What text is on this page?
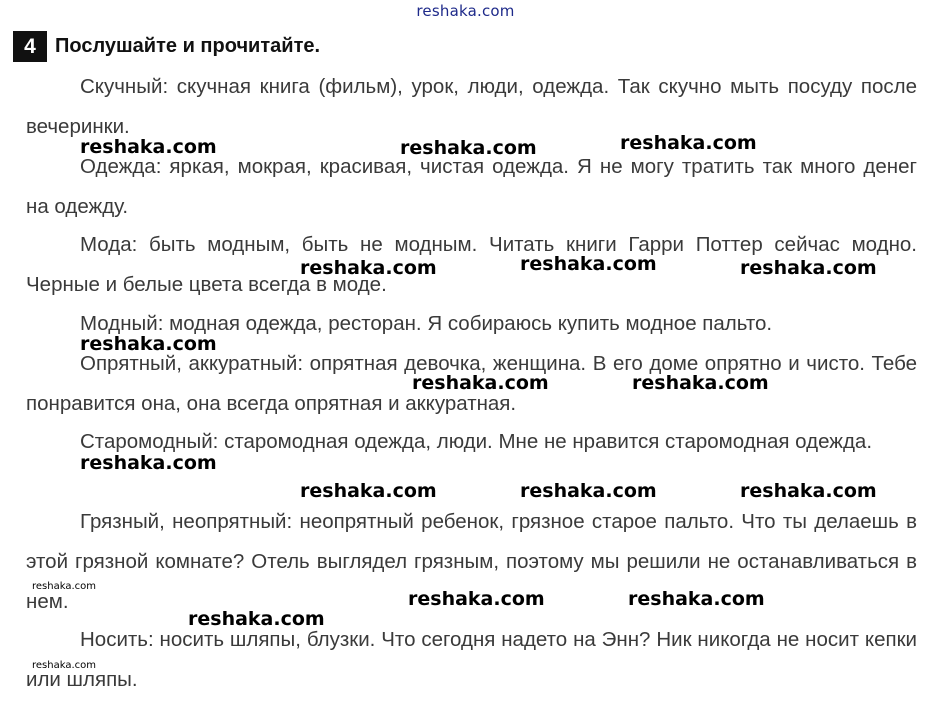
reshaka.com
4 Послушайте и прочитайте.

Скучный: скучная книга (фильм), урок, люди, одежда. Так скучно мыть посуду после вечеринки.

Одежда: яркая, мокрая, красивая, чистая одежда. Я не могу тратить так много денег на одежду.

Мода: быть модным, быть не модным. Читать книги Гарри Поттер сейчас модно. Черные и белые цвета всегда в моде.

Модный: модная одежда, ресторан. Я собираюсь купить модное пальто.

Опрятный, аккуратный: опрятная девочка, женщина. В его доме опрятно и чисто. Тебе понравится она, она всегда опрятная и аккуратная.

Старомодный: старомодная одежда, люди. Мне не нравится старомодная одежда.

Грязный, неопрятный: неопрятный ребенок, грязное старое пальто. Что ты делаешь в этой грязной комнате? Отель выглядел грязным, поэтому мы решили не останавливаться в нем.

Носить: носить шляпы, блузки. Что сегодня надето на Энн? Ник никогда не носит кепки или шляпы.

reshaka.com	reshaka.com	reshaka.com
reshaka.com	reshaka.com	reshaka.com
reshaka.com
reshaka.com	reshaka.com
reshaka.com
reshaka.com	reshaka.com	reshaka.com
reshaka.com	reshaka.com
reshaka.com
reshaka.com
reshaka.com
